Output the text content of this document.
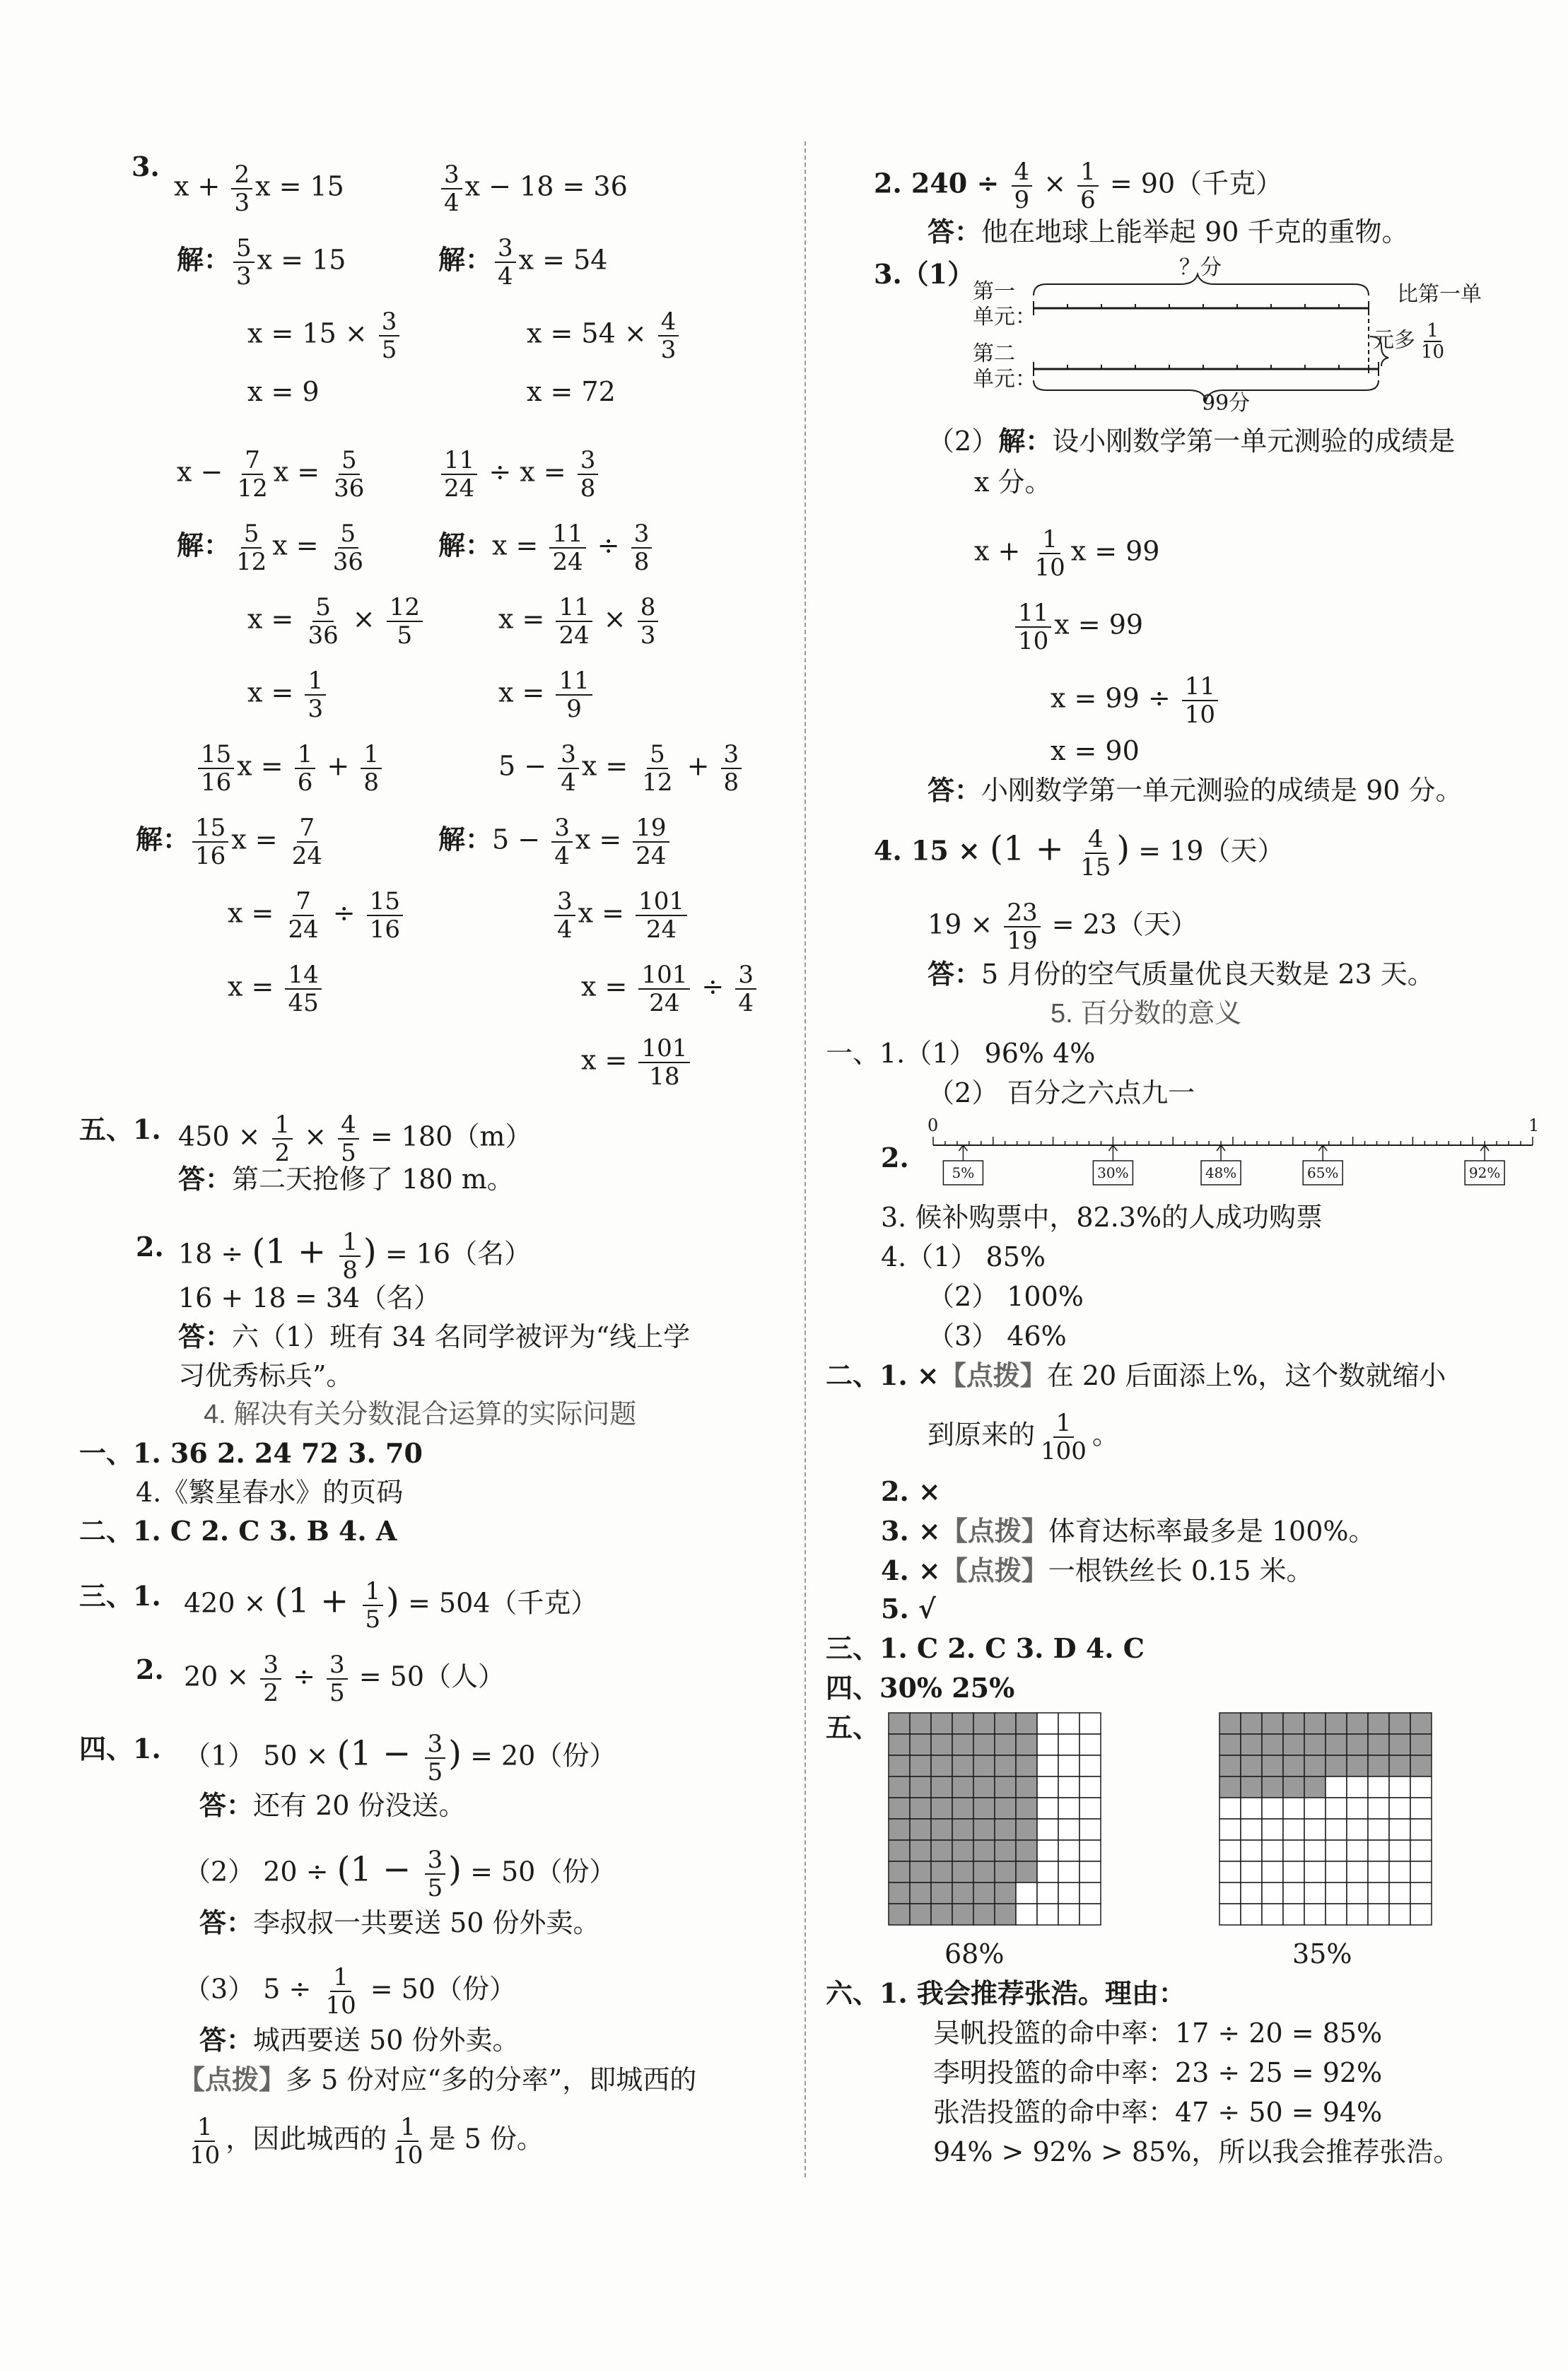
3.
$x + \frac{2}{3}$ x = 15
解： $\frac{5}{3}$ x = 15
$x = 15 \times \frac{3}{5}$
x = 9
$\frac{3}{4}$ x − 18 = 36
解： $\frac{3}{4}$ x = 54
$x = 54 \times \frac{4}{3}$
x = 72
$x - \frac{7}{12}$ $x = \frac{5}{36}$
解： $\frac{5}{12}$ $x = \frac{5}{36}$
$x = \frac{5}{36} \times \frac{12}{5}$
$x = \frac{1}{3}$
$\frac{11}{24} \div x = \frac{3}{8}$
解：$x = \frac{11}{24} \div \frac{3}{8}$
$x = \frac{11}{24} \times \frac{8}{3}$
$x = \frac{11}{9}$
$\frac{15}{16}$ $x = \frac{1}{6} + \frac{1}{8}$
解： $\frac{15}{16}$ $x = \frac{7}{24}$
$x = \frac{7}{24} \div \frac{15}{16}$
$x = \frac{14}{45}$
$5 - \frac{3}{4}$ $x = \frac{5}{12} + \frac{3}{8}$
解：$5 - \frac{3}{4}$ $x = \frac{19}{24}$
$\frac{3}{4}$ $x = \frac{101}{24}$
$x = \frac{101}{24} \div \frac{3}{4}$
$x = \frac{101}{18}$
五、1. $450 \times \frac{1}{2} \times \frac{4}{5} = 180(m)$
答：第二天抢修了 180 m。
2. $18 \div (1 + \frac{1}{8}$ ) = 16（名）
16 + 18 = 34（名）
答：六（1）班有 34 名同学被评为“线上学
习优秀标兵”。
4. 解决有关分数混合运算的实际问题
一、1. 36 2. 24 72 3. 70
4.《繁星春水》的页码
二、1. C 2. C 3. B 4. A
三、1. $420 \times (1 + \frac{1}{5}$ ) = 504（千克）
2. $20 \times \frac{3}{2} \div \frac{3}{5} = 50$（人）
四、1. （1） $50 \times (1 - \frac{3}{5}$ ) = 20（份）
答：还有 20 份没送。
（2） $20 \div (1 - \frac{3}{5}$ ) = 50（份）
答：李叔叔一共要送 50 份外卖。
（3） $5 \div \frac{1}{10} = 50$（份）
答：城西要送 50 份外卖。
【点拨】多 5 份对应“多的分率”，即城西的
$\frac{1}{10}$ ，因此城西的 $\frac{1}{10}$ 是 5 份。
2. $240 \div \frac{4}{9} \times \frac{1}{6} = 90$（千克）
答：他在地球上能举起 90 千克的重物。
3.（1）
第一
单元：
第二
单元：
？分
99分
比第一单
元多 $\frac{1}{10}$
（2）解：设小刚数学第一单元测验的成绩是
x 分。
$x + \frac{1}{10}$ x = 99
$\frac{11}{10}$ x = 99
$x = 99 \div \frac{11}{10}$
x = 90
答：小刚数学第一单元测验的成绩是 90 分。
4. $15 \times (1 + \frac{4}{15}$ ) = 19（天）
$19 \times \frac{23}{19} = 23$（天）
答：5 月份的空气质量优良天数是 23 天。
5. 百分数的意义
一、1.（1） 96% 4%
（2） 百分之六点九一
2.
0	1
5%	30%	48%	65%	92%
3. 候补购票中，82.3%的人成功购票
4.（1） 85%
（2） 100%
（3） 46%
二、1. ×【点拨】在 20 后面添上%，这个数就缩小
到原来的 $\frac{1}{100}$ 。
2. ×
3. ×【点拨】体育达标率最多是 100%。
4. ×【点拨】一根铁丝长 0.15 米。
5. √
三、1. C 2. C 3. D 4. C
四、30% 25%
五、
68%	35%
六、1. 我会推荐张浩。理由：
吴帆投篮的命中率：17 ÷ 20 = 85%
李明投篮的命中率：23 ÷ 25 = 92%
张浩投篮的命中率：47 ÷ 50 = 94%
94% > 92% > 85%，所以我会推荐张浩。
